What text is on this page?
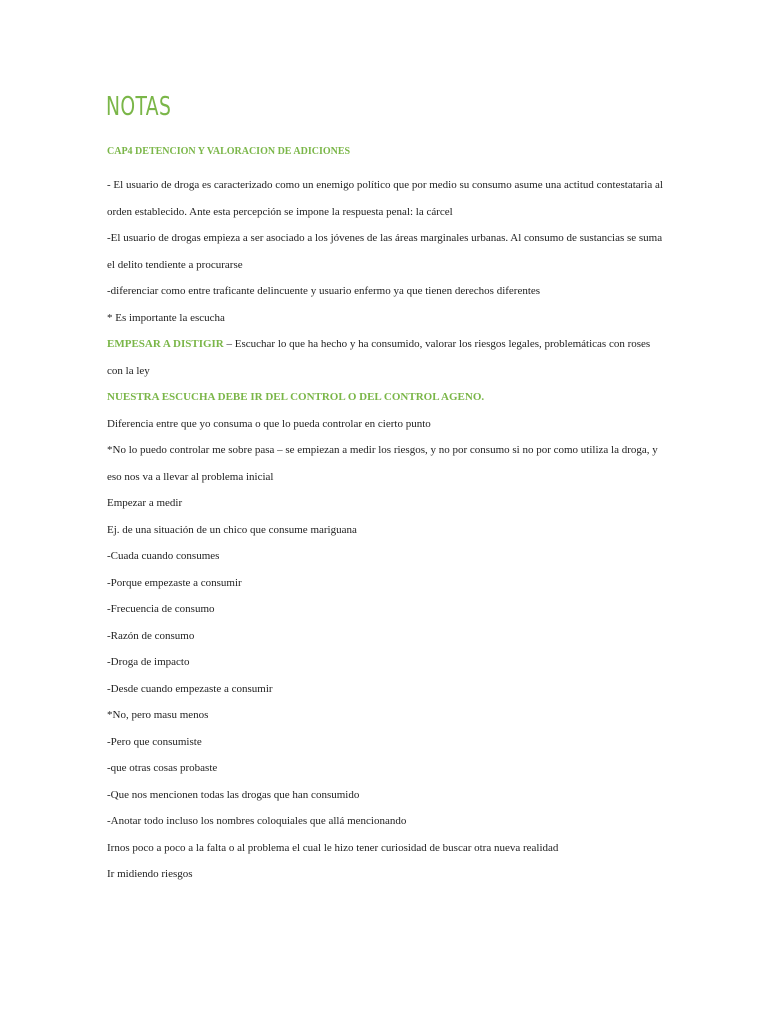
NOTAS
CAP4 DETENCION Y VALORACION DE ADICIONES

- El usuario de droga es caracterizado como un enemigo político que por medio su consumo asume una actitud contestataria al orden establecido. Ante esta percepción se impone la respuesta penal: la cárcel

-El usuario de drogas empieza a ser asociado a los jóvenes de las áreas marginales urbanas. Al consumo de sustancias se suma el delito tendiente a procurarse

-diferenciar como entre traficante delincuente y usuario enfermo ya que tienen derechos diferentes

* Es importante la escucha

EMPESAR A DISTIGIR – Escuchar lo que ha hecho y ha consumido, valorar los riesgos legales, problemáticas con roses con la ley

NUESTRA ESCUCHA DEBE IR DEL CONTROL O DEL CONTROL AGENO.

Diferencia entre que yo consuma o que lo pueda controlar en cierto punto

*No lo puedo controlar me sobre pasa – se empiezan a medir los riesgos, y no por consumo si no por como utiliza la droga, y eso nos va a llevar al problema inicial

Empezar a medir

Ej. de una situación de un chico que consume mariguana

-Cuada cuando consumes

-Porque empezaste a consumir

-Frecuencia de consumo

-Razón de consumo

-Droga de impacto

-Desde cuando empezaste a consumir

*No, pero masu menos

-Pero que consumiste

-que otras cosas probaste

-Que nos mencionen todas las drogas que han consumido

-Anotar todo incluso los nombres coloquiales que allá mencionando

Irnos poco a poco a la falta o al problema el cual le hizo tener curiosidad de buscar otra nueva realidad

Ir midiendo riesgos
